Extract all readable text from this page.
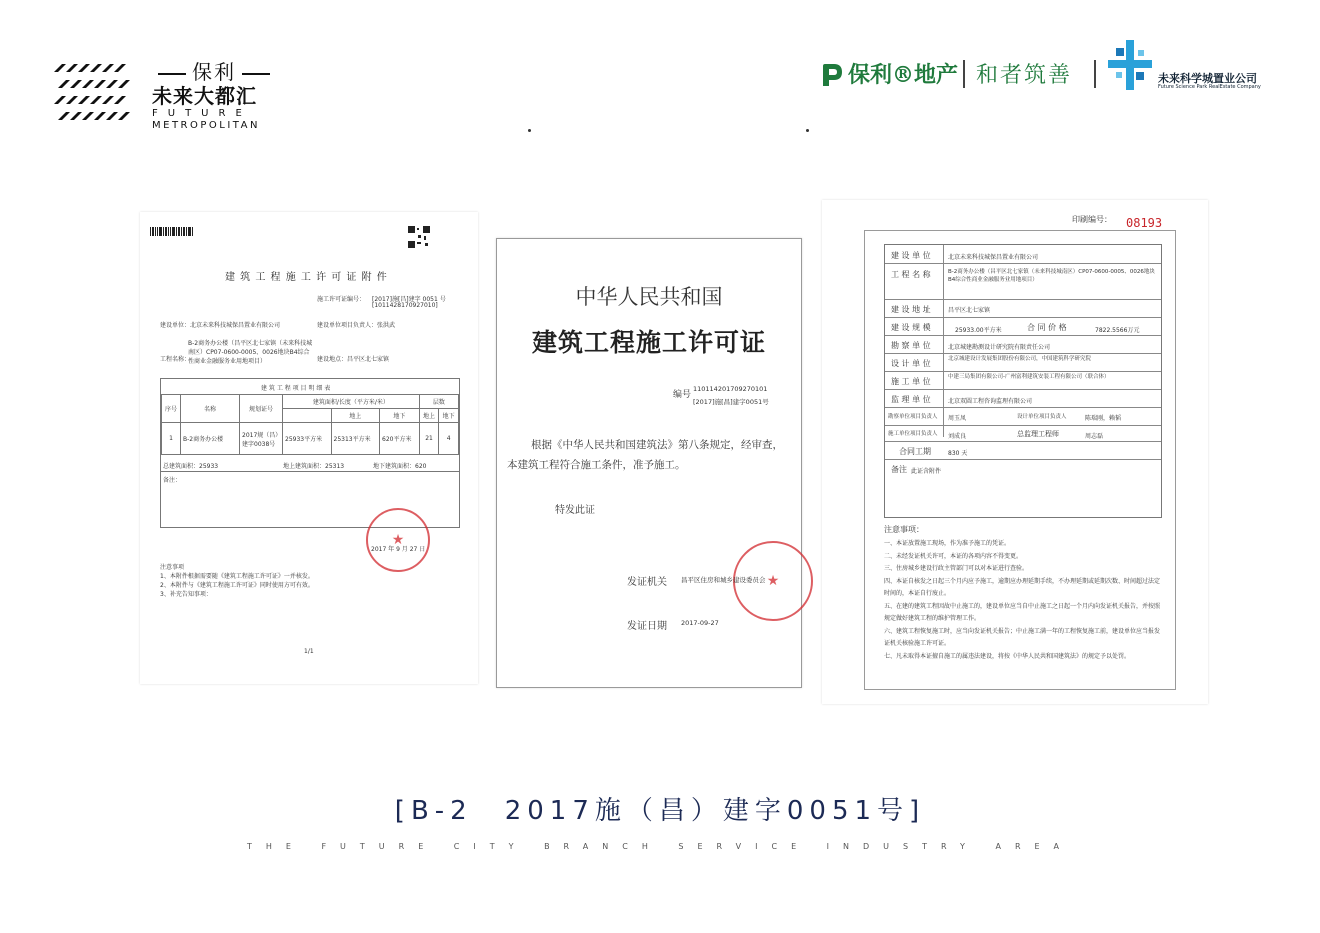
保利
未来大都汇
FUTURE
METROPOLITAN
保利®地产 和者筑善	未来科学城置业公司
Future Science Park RealEstate Company
建 筑 工 程 施 工 许 可 证 附 件
施工许可证编号： [2017]施[昌]建字 0051 号
[1011428170927010]
建设单位：北京未来科技城保昌置业有限公司	建设单位项目负责人：张洪武
B-2商务办公楼（昌平区北七家镇（未来科技城南区）CP07-0600-0005、0026地块B4综合性商业金融服务业用地项目）
工程名称：	建设地点：昌平区北七家镇
建 筑 工 程 项 目 明 细 表
序号	名称	规划证号	建筑面积/长度（平方米/米）			层数	
				地上	地下	地上	地下
1	B-2商务办公楼	2017规（昌）建字0038号	25933平方米	25313平方米	620平方米	21	4
总建筑面积：25933	地上建筑面积：25313	地下建筑面积：620
备注：
★
2017 年 9 月 27 日
注意事项
1、本附件根据需要随《建筑工程施工许可证》一并核发。
2、本附件与《建筑工程施工许可证》同时使用方可有效。
3、补充告知事项：
1/1
中华人民共和国
建筑工程施工许可证
编号
110114201709270101
[2017]施[昌]建字0051号
根据《中华人民共和国建筑法》第八条规定，经审查，本建筑工程符合施工条件，准予施工。
特发此证
★
发证机关 昌平区住房和城乡建设委员会
发证日期 2017-09-27
印刷编号： 08193
建 设 单 位	北京未来科技城保昌置业有限公司
工 程 名 称	B-2商务办公楼（昌平区北七家镇（未来科技城南区）CP07-0600-0005、0026地块B4综合性商业金融服务业用地项目）
建 设 地 址	昌平区北七家镇
建 设 规 模	25933.00平方米	合 同 价 格	7822.5566万元
勘 察 单 位	北京城建勘测设计研究院有限责任公司
设 计 单 位	北京城建设计发展集团股份有限公司，中国建筑科学研究院
施 工 单 位	中建三局集团有限公司-广州富利建筑安装工程有限公司（联合体）
监 理 单 位	北京双圆工程咨询监理有限公司
勘察单位项目负责人 周玉凤	设计单位项目负责人	陈瑞刚，赖韬
施工单位项目负责人 刘成良	总监理工程师	周志磊
合同工期	830 天
备注 此证含附件
注意事项：
一、本证放置施工现场，作为准予施工的凭证。
二、未经发证机关许可，本证的各项内容不得变更。
三、住房城乡建设行政主管部门可以对本证进行查验。
四、本证自核发之日起三个月内应予施工，逾期应办理延期手续，不办理延期或延期次数、时间超过法定时间的，本证自行废止。
五、在建的建筑工程因故中止施工的，建设单位应当自中止施工之日起一个月内向发证机关报告，并按照规定做好建筑工程的维护管理工作。
六、建筑工程恢复施工时，应当向发证机关报告；中止施工满一年的工程恢复施工前，建设单位应当报发证机关核验施工许可证。
七、凡未取得本证擅自施工的属违法建设，将按《中华人民共和国建筑法》的规定予以处罚。
[B-2　2017施（昌）建字0051号]
THE FUTURE CITY BRANCH SERVICE INDUSTRY AREA
